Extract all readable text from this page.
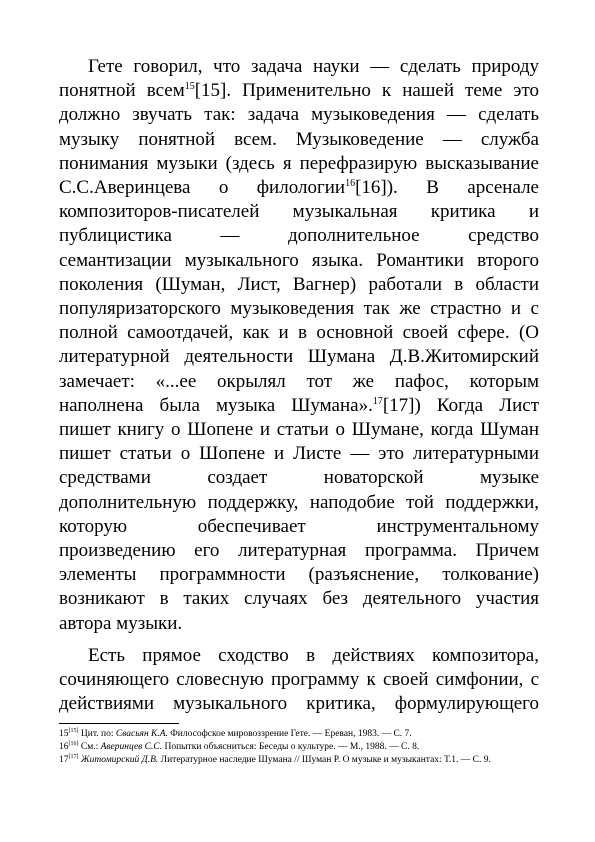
Гете говорил, что задача науки — сделать природу
понятной всем$^{15}$[15]. Применительно к нашей теме это
должно звучать так: задача музыковедения — сделать
музыку понятной всем. Музыковедение — служба
понимания музыки (здесь я перефразирую высказывание
С.С.Аверинцева о филологии$^{16}$[16]). В арсенале
композиторов-писателей музыкальная критика и
публицистика — дополнительное средство
семантизации музыкального языка. Романтики второго
поколения (Шуман, Лист, Вагнер) работали в области
популяризаторского музыковедения так же страстно и с
полной самоотдачей, как и в основной своей сфере. (О
литературной деятельности Шумана Д.В.Житомирский
замечает: «...ее окрылял тот же пафос, которым
наполнена была музыка Шумана».$^{17}$[17]) Когда Лист
пишет книгу о Шопене и статьи о Шумане, когда Шуман
пишет статьи о Шопене и Листе — это литературными
средствами создает новаторской музыке
дополнительную поддержку, наподобие той поддержки,
которую обеспечивает инструментальному
произведению его литературная программа. Причем
элементы программности (разъяснение, толкование)
возникают в таких случаях без деятельного участия
автора музыки.

Есть прямое сходство в действиях композитора,
сочиняющего словесную программу к своей симфонии, с
действиями музыкального критика, формулирующего

15[15] Цит. по: Свасьян К.А. Философское мировоззрение Гете. — Ереван, 1983. — С. 7.
16[16] См.: Аверинцев С.С. Попытки объясниться: Беседы о культуре. — М., 1988. — С. 8.
17[17] Житомирский Д.В. Литературное наследие Шумана // Шуман Р. О музыке и музыкантах: Т.1. — С. 9.
